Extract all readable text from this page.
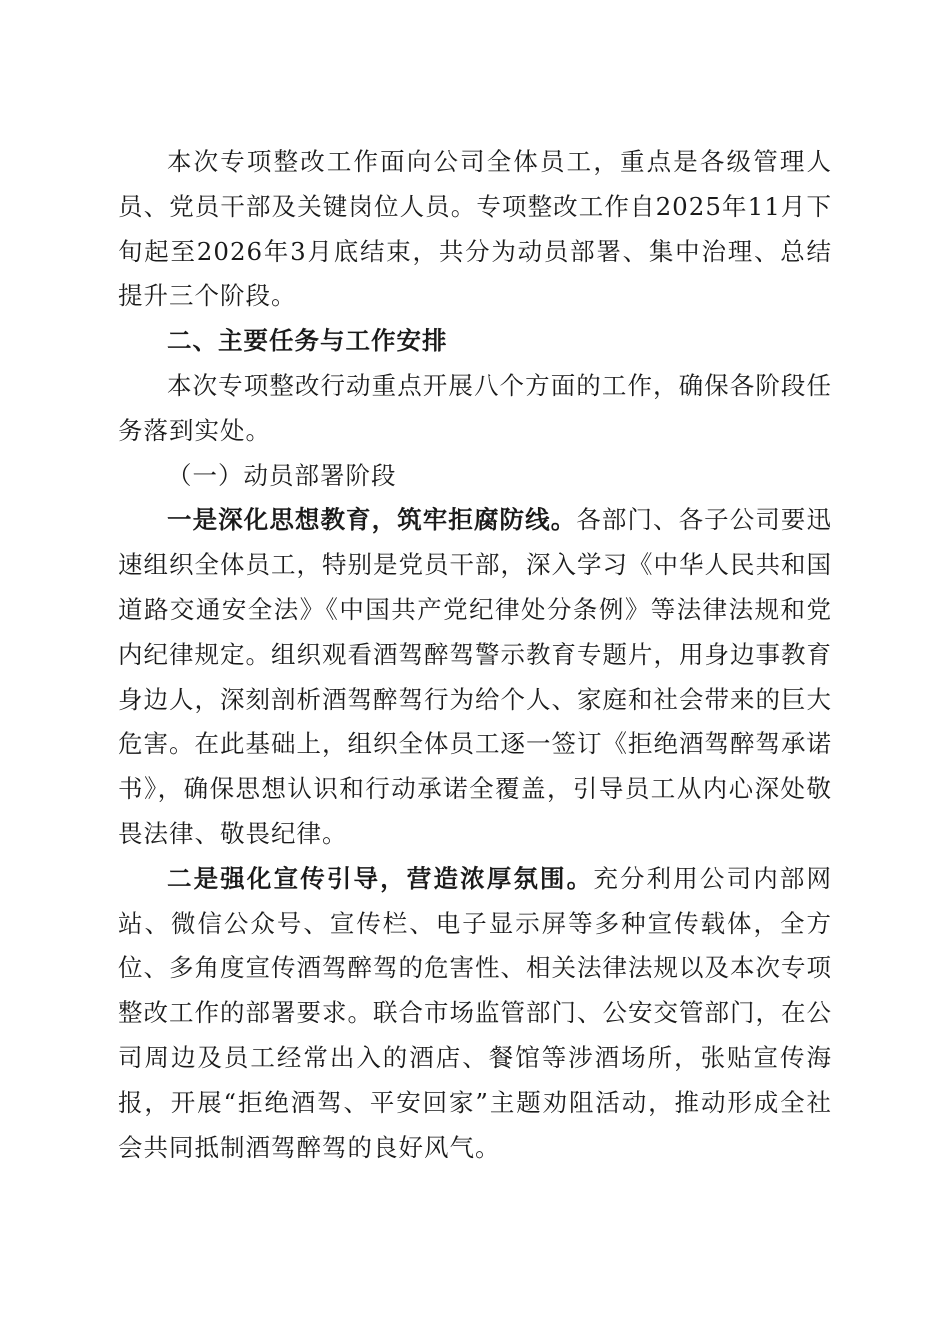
本次专项整改工作面向公司全体员工，重点是各级管理人员、党员干部及关键岗位人员。专项整改工作自2025年11月下旬起至2026年3月底结束，共分为动员部署、集中治理、总结提升三个阶段。

二、主要任务与工作安排

本次专项整改行动重点开展八个方面的工作，确保各阶段任务落到实处。

（一）动员部署阶段

一是深化思想教育，筑牢拒腐防线。各部门、各子公司要迅速组织全体员工，特别是党员干部，深入学习《中华人民共和国道路交通安全法》《中国共产党纪律处分条例》等法律法规和党内纪律规定。组织观看酒驾醉驾警示教育专题片，用身边事教育身边人，深刻剖析酒驾醉驾行为给个人、家庭和社会带来的巨大危害。在此基础上，组织全体员工逐一签订《拒绝酒驾醉驾承诺书》，确保思想认识和行动承诺全覆盖，引导员工从内心深处敬畏法律、敬畏纪律。

二是强化宣传引导，营造浓厚氛围。充分利用公司内部网站、微信公众号、宣传栏、电子显示屏等多种宣传载体，全方位、多角度宣传酒驾醉驾的危害性、相关法律法规以及本次专项整改工作的部署要求。联合市场监管部门、公安交管部门，在公司周边及员工经常出入的酒店、餐馆等涉酒场所，张贴宣传海报，开展“拒绝酒驾、平安回家”主题劝阻活动，推动形成全社会共同抵制酒驾醉驾的良好风气。
